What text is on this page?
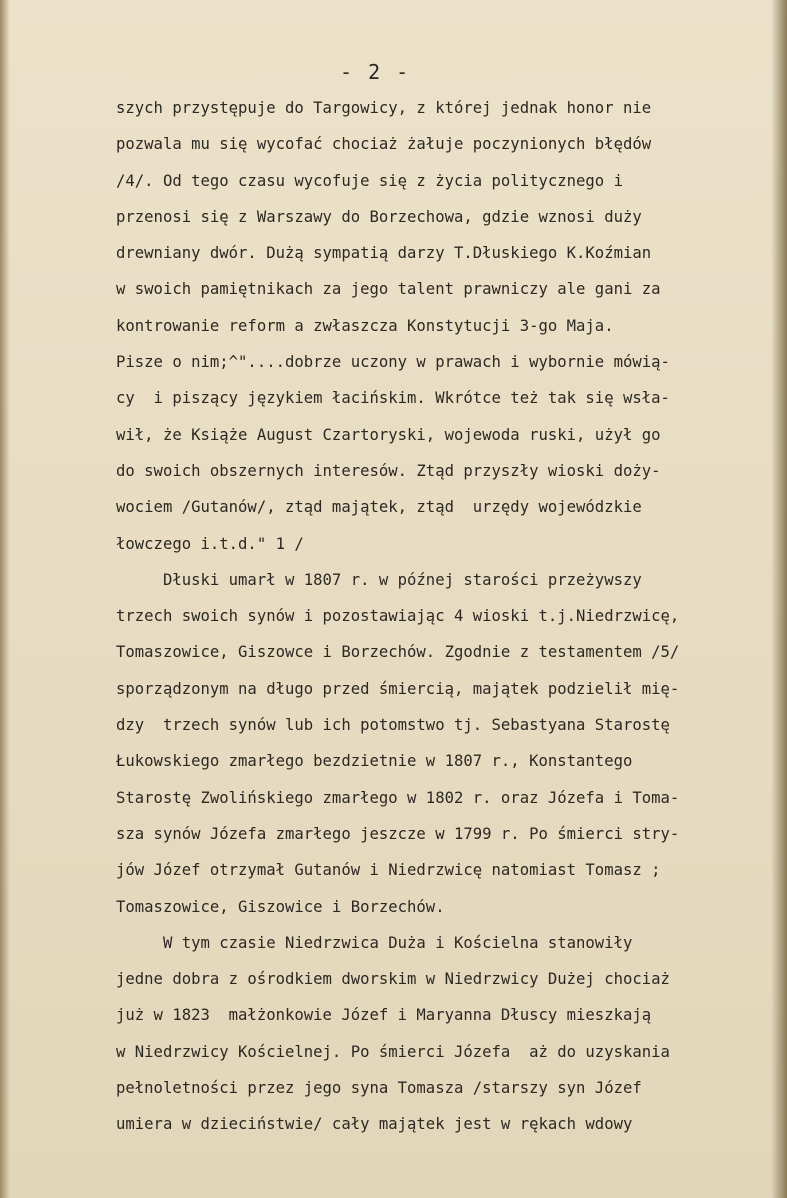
- 2 -
szych przystępuje do Targowicy, z której jednak honor nie
pozwala mu się wycofać chociaż żałuje poczynionych błędów
/4/. Od tego czasu wycofuje się z życia politycznego i
przenosi się z Warszawy do Borzechowa, gdzie wznosi duży
drewniany dwór. Dużą sympatią darzy T.Dłuskiego K.Koźmian
w swoich pamiętnikach za jego talent prawniczy ale gani za
kontrowanie reform a zwłaszcza Konstytucji 3-go Maja.
Pisze o nim;^"....dobrze uczony w prawach i wybornie mówią-
cy  i piszący językiem łacińskim. Wkrótce też tak się wsła-
wił, że Książe August Czartoryski, wojewoda ruski, użył go
do swoich obszernych interesów. Ztąd przyszły wioski doży-
wociem /Gutanów/, ztąd majątek, ztąd  urzędy wojewódzkie
łowczego i.t.d." 1 /
Dłuski umarł w 1807 r. w późnej starości przeżywszy
trzech swoich synów i pozostawiając 4 wioski t.j.Niedrzwicę,
Tomaszowice, Giszowce i Borzechów. Zgodnie z testamentem /5/
sporządzonym na długo przed śmiercią, majątek podzielił mię-
dzy  trzech synów lub ich potomstwo tj. Sebastyana Starostę
Łukowskiego zmarłego bezdzietnie w 1807 r., Konstantego
Starostę Zwolińskiego zmarłego w 1802 r. oraz Józefa i Toma-
sza synów Józefa zmarłego jeszcze w 1799 r. Po śmierci stry-
jów Józef otrzymał Gutanów i Niedrzwicę natomiast Tomasz ;
Tomaszowice, Giszowice i Borzechów.
W tym czasie Niedrzwica Duża i Kościelna stanowiły
jedne dobra z ośrodkiem dworskim w Niedrzwicy Dużej chociaż
już w 1823  małżonkowie Józef i Maryanna Dłuscy mieszkają
w Niedrzwicy Kościelnej. Po śmierci Józefa  aż do uzyskania
pełnoletności przez jego syna Tomasza /starszy syn Józef
umiera w dzieciństwie/ cały majątek jest w rękach wdowy
